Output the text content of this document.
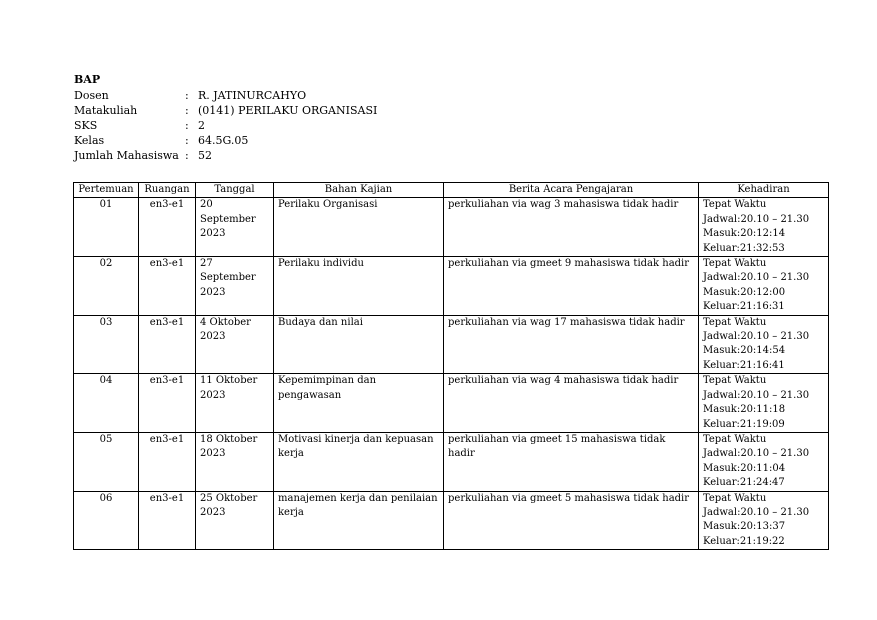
BAP
Dosen	: R. JATINURCAHYO
Matakuliah	: (0141) PERILAKU ORGANISASI
SKS	: 2
Kelas	: 64.5G.05
Jumlah Mahasiswa : 52
Pertemuan	Ruangan	Tanggal	Bahan Kajian	Berita Acara Pengajaran	Kehadiran
01	en3-e1	20 September 2023	Perilaku Organisasi	perkuliahan via wag 3 mahasiswa tidak hadir	Tepat Waktu
Jadwal:20.10 – 21.30
Masuk:20:12:14
Keluar:21:32:53

02	en3-e1	27 September 2023	Perilaku individu	perkuliahan via gmeet 9 mahasiswa tidak hadir	Tepat Waktu
Jadwal:20.10 – 21.30
Masuk:20:12:00
Keluar:21:16:31

03	en3-e1	4 Oktober 2023	Budaya dan nilai	perkuliahan via wag 17 mahasiswa tidak hadir	Tepat Waktu
Jadwal:20.10 – 21.30
Masuk:20:14:54
Keluar:21:16:41

04	en3-e1	11 Oktober 2023	Kepemimpinan dan pengawasan	perkuliahan via wag 4 mahasiswa tidak hadir	Tepat Waktu
Jadwal:20.10 – 21.30
Masuk:20:11:18
Keluar:21:19:09

05	en3-e1	18 Oktober 2023	Motivasi kinerja dan kepuasan kerja	perkuliahan via gmeet 15 mahasiswa tidak hadir	Tepat Waktu
Jadwal:20.10 – 21.30
Masuk:20:11:04
Keluar:21:24:47

06	en3-e1	25 Oktober 2023	manajemen kerja dan penilaian kerja	perkuliahan via gmeet 5 mahasiswa tidak hadir	Tepat Waktu
Jadwal:20.10 – 21.30
Masuk:20:13:37
Keluar:21:19:22
